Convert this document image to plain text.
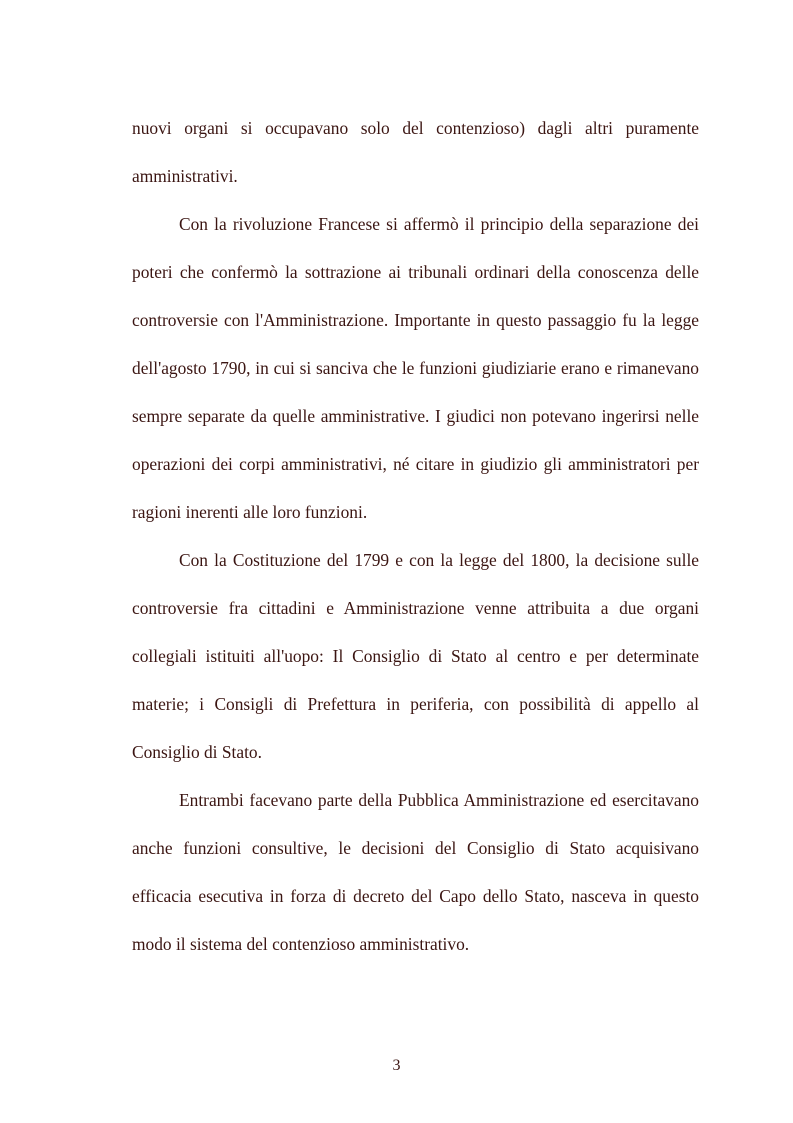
nuovi organi si occupavano solo del contenzioso) dagli altri puramente amministrativi.

Con la rivoluzione Francese si affermò il principio della separazione dei poteri che confermò la sottrazione ai tribunali ordinari della conoscenza delle controversie con l'Amministrazione. Importante in questo passaggio fu la legge dell'agosto 1790, in cui si sanciva che le funzioni giudiziarie erano e rimanevano sempre separate da quelle amministrative. I giudici non potevano ingerirsi nelle operazioni dei corpi amministrativi, né citare in giudizio gli amministratori per ragioni inerenti alle loro funzioni.

Con la Costituzione del 1799 e con la legge del 1800, la decisione sulle controversie fra cittadini e Amministrazione venne attribuita a due organi collegiali istituiti all'uopo: Il Consiglio di Stato al centro e per determinate materie; i Consigli di Prefettura in periferia, con possibilità di appello al Consiglio di Stato.

Entrambi facevano parte della Pubblica Amministrazione ed esercitavano anche funzioni consultive, le decisioni del Consiglio di Stato acquisivano efficacia esecutiva in forza di decreto del Capo dello Stato, nasceva in questo modo il sistema del contenzioso amministrativo.

3
